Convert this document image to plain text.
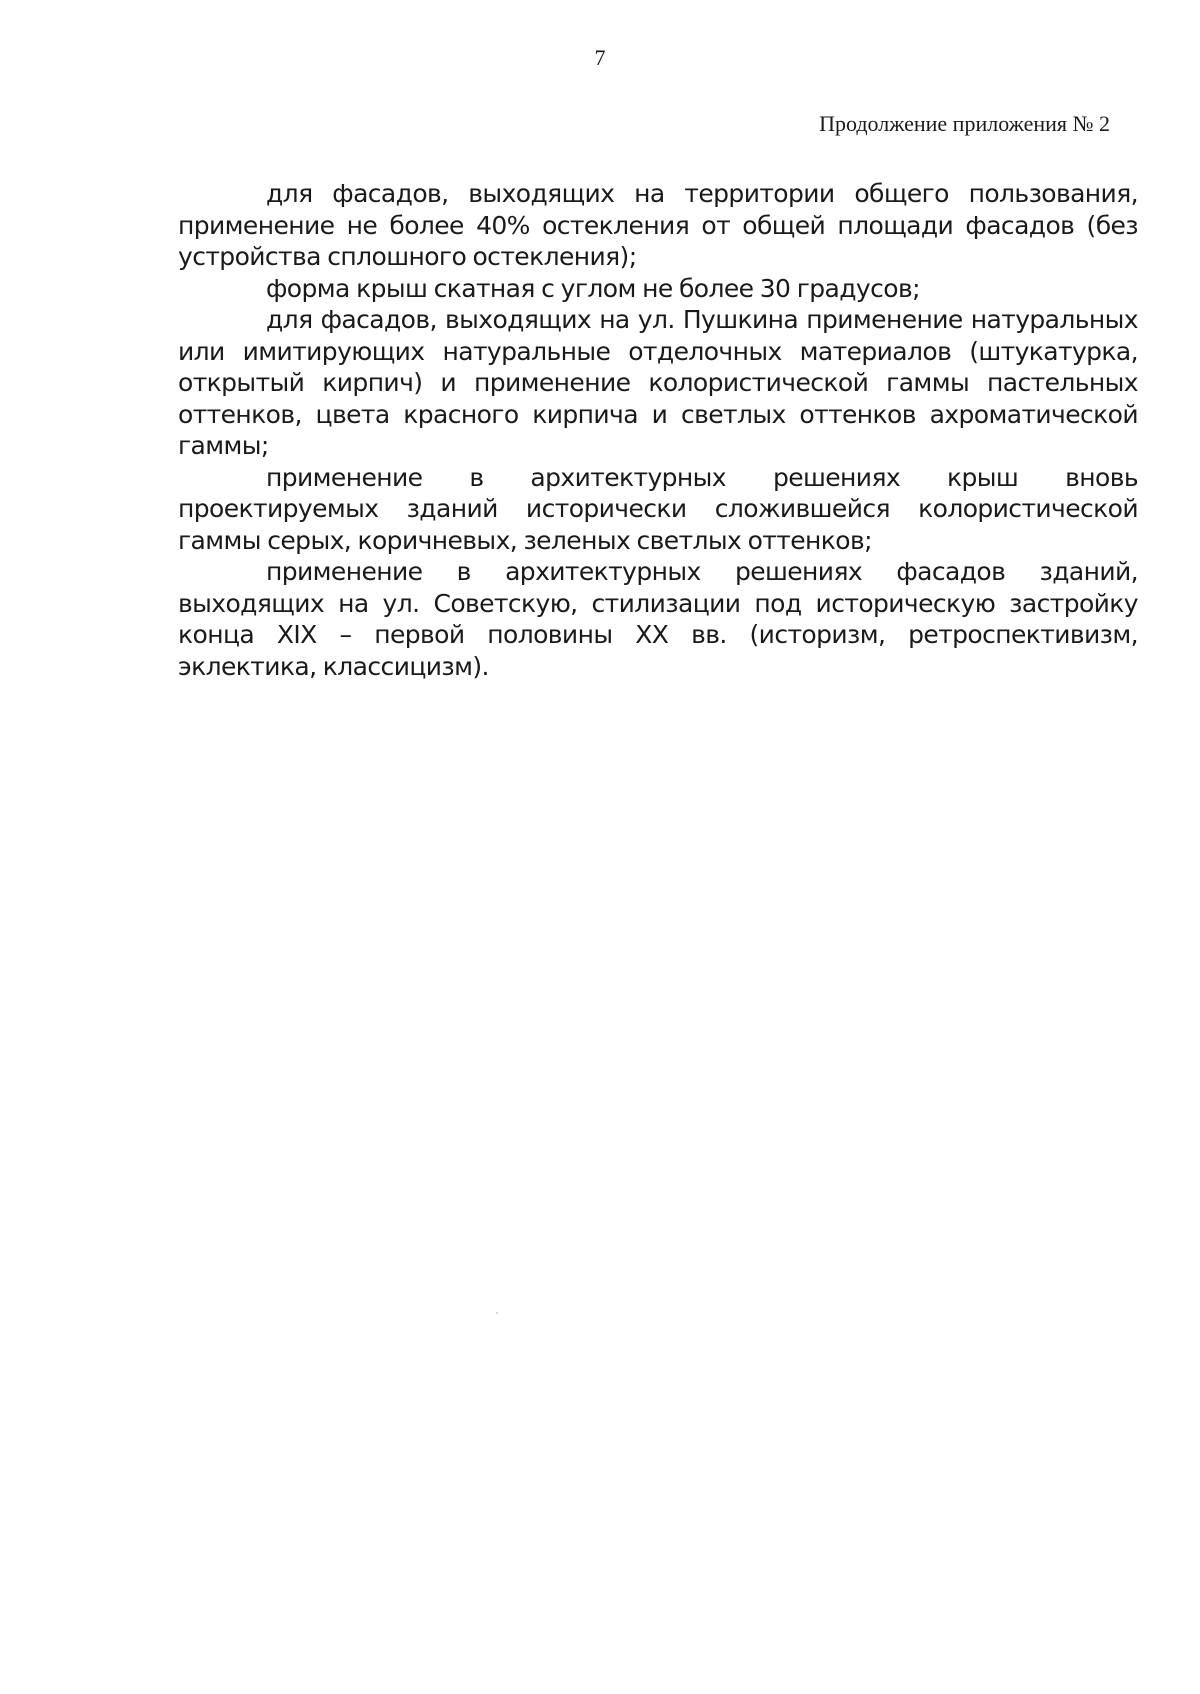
7
Продолжение приложения № 2

для фасадов, выходящих на территории общего пользования, применение не более 40% остекления от общей площади фасадов (без устройства сплошного остекления);

форма крыш скатная с углом не более 30 градусов;

для фасадов, выходящих на ул. Пушкина применение натуральных или имитирующих натуральные отделочных материалов (штукатурка, открытый кирпич) и применение колористической гаммы пастельных оттенков, цвета красного кирпича и светлых оттенков ахроматической гаммы;

применение в архитектурных решениях крыш вновь проектируемых зданий исторически сложившейся колористической гаммы серых, коричневых, зеленых светлых оттенков;

применение в архитектурных решениях фасадов зданий, выходящих на ул. Советскую, стилизации под историческую застройку конца XIX – первой половины XX вв. (историзм, ретроспективизм, эклектика, классицизм).
